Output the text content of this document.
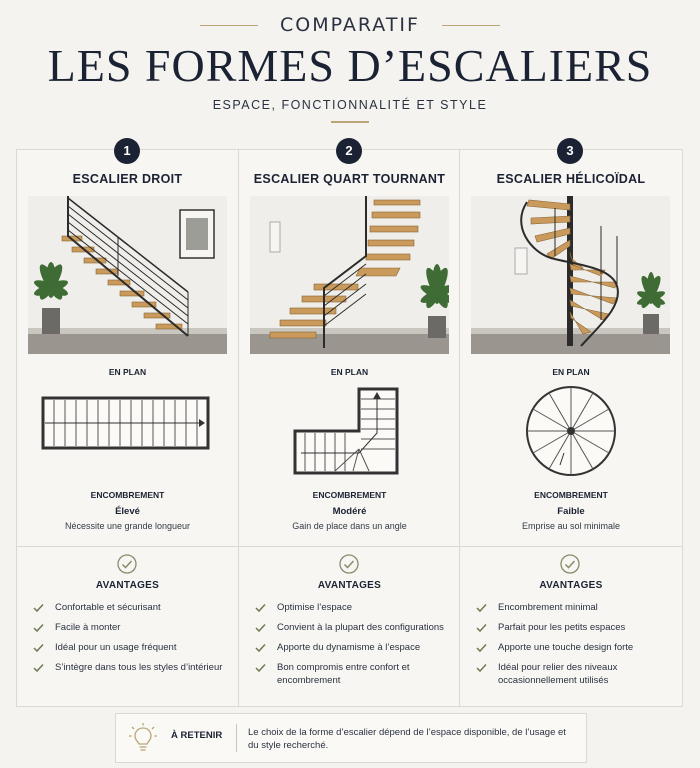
COMPARATIF
LES FORMES D’ESCALIERS
ESPACE, FONCTIONNALITÉ ET STYLE
1
ESCALIER DROIT
EN PLAN
ENCOMBREMENT
Élevé
Nécessite une grande longueur
AVANTAGES
Confortable et sécurisant
Facile à monter
Idéal pour un usage fréquent
S’intègre dans tous les styles d’intérieur
2
ESCALIER QUART TOURNANT
EN PLAN
ENCOMBREMENT
Modéré
Gain de place dans un angle
AVANTAGES
Optimise l’espace
Convient à la plupart des configurations
Apporte du dynamisme à l’espace
Bon compromis entre confort et encombrement
3
ESCALIER HÉLICOÏDAL
EN PLAN
ENCOMBREMENT
Faible
Emprise au sol minimale
AVANTAGES
Encombrement minimal
Parfait pour les petits espaces
Apporte une touche design forte
Idéal pour relier des niveaux occasionnellement utilisés
À RETENIR	Le choix de la forme d’escalier dépend de l’espace disponible, de l’usage et du style recherché.
